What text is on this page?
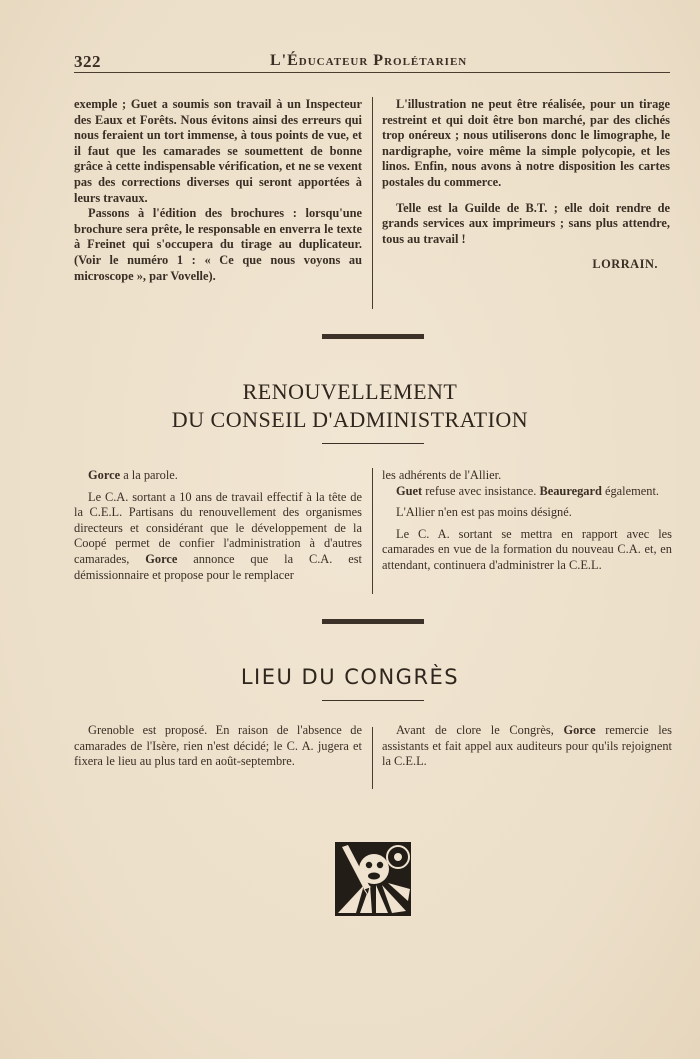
322	L'Éducateur Prolétarien

exemple ; Guet a soumis son travail à un Inspecteur des Eaux et Forêts. Nous évitons ainsi des erreurs qui nous feraient un tort immense, à tous points de vue, et il faut que les camarades se soumettent de bonne grâce à cette indispensable vérification, et ne se vexent pas des corrections diverses qui seront apportées à leurs travaux.

Passons à l'édition des brochures : lorsqu'une brochure sera prête, le responsable en enverra le texte à Freinet qui s'occupera du tirage au duplicateur. (Voir le numéro 1 : « Ce que nous voyons au microscope », par Vovelle).

L'illustration ne peut être réalisée, pour un tirage restreint et qui doit être bon marché, par des clichés trop onéreux ; nous utiliserons donc le limographe, le nardigraphe, voire même la simple polycopie, et les linos. Enfin, nous avons à notre disposition les cartes postales du commerce.

Telle est la Guilde de B.T. ; elle doit rendre de grands services aux imprimeurs ; sans plus attendre, tous au travail !

LORRAIN.

RENOUVELLEMENT
DU CONSEIL D'ADMINISTRATION

Gorce a la parole.

Le C.A. sortant a 10 ans de travail effectif à la tête de la C.E.L. Partisans du renouvellement des organismes directeurs et considérant que le développement de la Coopé permet de confier l'administration à d'autres camarades, Gorce annonce que la C.A. est démissionnaire et propose pour le remplacer

les adhérents de l'Allier.

Guet refuse avec insistance. Beauregard également.

L'Allier n'en est pas moins désigné.

Le C. A. sortant se mettra en rapport avec les camarades en vue de la formation du nouveau C.A. et, en attendant, continuera d'administrer la C.E.L.

LIEU DU CONGRÈS

Grenoble est proposé. En raison de l'absence de camarades de l'Isère, rien n'est décidé; le C. A. jugera et fixera le lieu au plus tard en août-septembre.

Avant de clore le Congrès, Gorce remercie les assistants et fait appel aux auditeurs pour qu'ils rejoignent la C.E.L.
